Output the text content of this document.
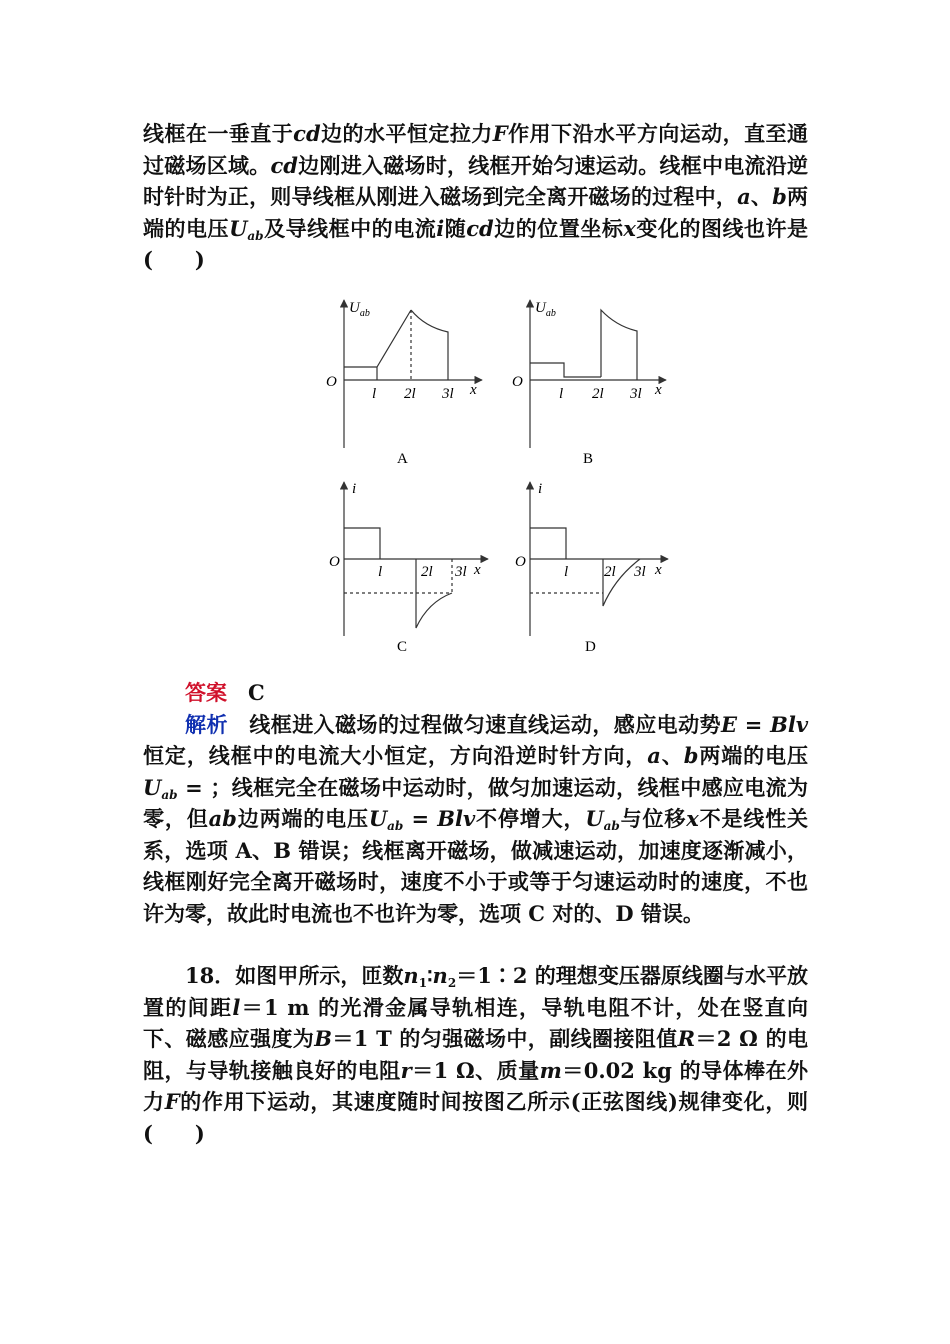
线框在一垂直于cd边的水平恒定拉力F作用下沿水平方向运动，直至通过磁场区域。cd边刚进入磁场时，线框开始匀速运动。线框中电流沿逆时针时为正，则导线框从刚进入磁场到完全离开磁场的过程中，a、b两端的电压$U_{ab}$及导线框中的电流i随cd边的位置坐标x变化的图线也许是(　　)

$U_{ab}$
O
l 2l 3l x
A
$U_{ab}$
O
l 2l 3l x
B
i
O
l	2l 3l x
C
i
O
l 2l 3l x
D

答案　 C

解析　 线框进入磁场的过程做匀速直线运动，感应电动势E = Blv恒定，线框中的电流大小恒定，方向沿逆时针方向，a、b两端的电压$U_{ab}$ = ；线框完全在磁场中运动时，做匀加速运动，线框中感应电流为零，但ab边两端的电压$U_{ab}$ = Blv不停增大，$U_{ab}$与位移x不是线性关系，选项 A、B 错误；线框离开磁场，做减速运动，加速度逐渐减小，线框刚好完全离开磁场时，速度不小于或等于匀速运动时的速度，不也许为零，故此时电流也不也许为零，选项 C 对的、D 错误。

18．如图甲所示，匝数$n_1∶n_2=1∶2$ 的理想变压器原线圈与水平放置的间距l＝1 m 的光滑金属导轨相连，导轨电阻不计，处在竖直向下、磁感应强度为B＝1 T 的匀强磁场中，副线圈接阻值R＝2 Ω 的电阻，与导轨接触良好的电阻r＝1 Ω、质量m＝0.02 kg 的导体棒在外力F的作用下运动，其速度随时间按图乙所示(正弦图线)规律变化，则(　　)
